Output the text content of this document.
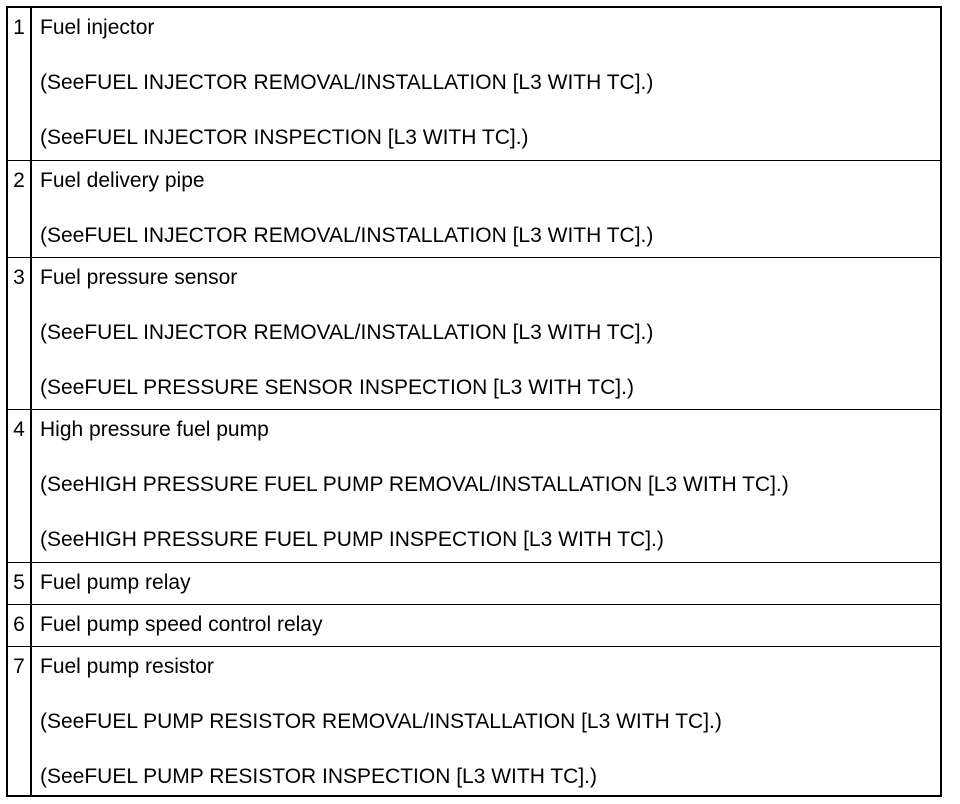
1	Fuel injector
(SeeFUEL INJECTOR REMOVAL/INSTALLATION [L3 WITH TC].)
(SeeFUEL INJECTOR INSPECTION [L3 WITH TC].)

2	Fuel delivery pipe
(SeeFUEL INJECTOR REMOVAL/INSTALLATION [L3 WITH TC].)

3	Fuel pressure sensor
(SeeFUEL INJECTOR REMOVAL/INSTALLATION [L3 WITH TC].)
(SeeFUEL PRESSURE SENSOR INSPECTION [L3 WITH TC].)

4	High pressure fuel pump
(SeeHIGH PRESSURE FUEL PUMP REMOVAL/INSTALLATION [L3 WITH TC].)
(SeeHIGH PRESSURE FUEL PUMP INSPECTION [L3 WITH TC].)

5	Fuel pump relay

6	Fuel pump speed control relay

7	Fuel pump resistor
(SeeFUEL PUMP RESISTOR REMOVAL/INSTALLATION [L3 WITH TC].)
(SeeFUEL PUMP RESISTOR INSPECTION [L3 WITH TC].)
